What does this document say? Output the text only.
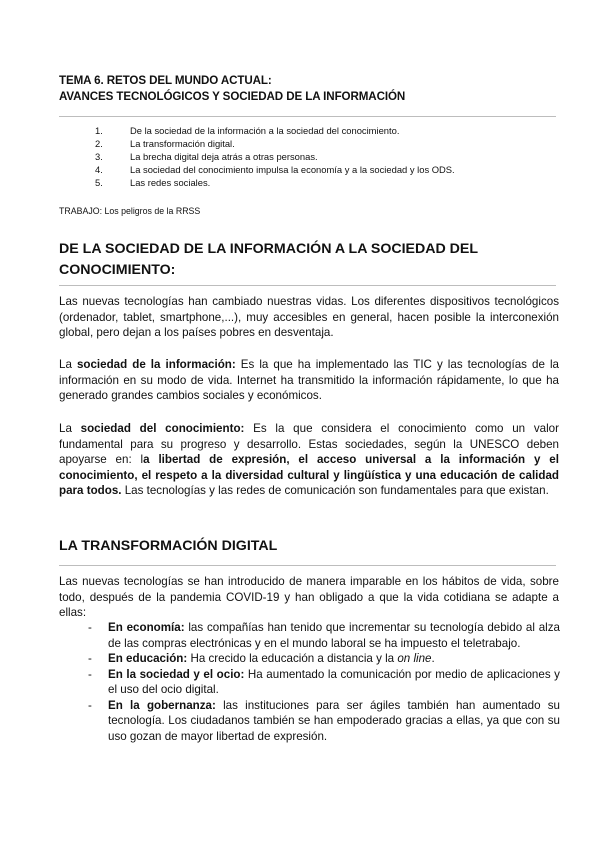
TEMA 6. RETOS DEL MUNDO ACTUAL:
AVANCES TECNOLÓGICOS Y SOCIEDAD DE LA INFORMACIÓN
1.	De la sociedad de la información a la sociedad del conocimiento.
2.	La transformación digital.
3.	La brecha digital deja atrás a otras personas.
4.	La sociedad del conocimiento impulsa la economía y a la sociedad y los ODS.
5.	Las redes sociales.
TRABAJO: Los peligros de la RRSS
DE LA SOCIEDAD DE LA INFORMACIÓN A LA SOCIEDAD DEL
CONOCIMIENTO:

Las nuevas tecnologías han cambiado nuestras vidas. Los diferentes dispositivos tecnológicos (ordenador, tablet, smartphone,...), muy accesibles en general, hacen posible la interconexión global, pero dejan a los países pobres en desventaja.

La sociedad de la información: Es la que ha implementado las TIC y las tecnologías de la información en su modo de vida. Internet ha transmitido la información rápidamente, lo que ha generado grandes cambios sociales y económicos.

La sociedad del conocimiento: Es la que considera el conocimiento como un valor fundamental para su progreso y desarrollo. Estas sociedades, según la UNESCO deben apoyarse en: la libertad de expresión, el acceso universal a la información y el conocimiento, el respeto a la diversidad cultural y lingüística y una educación de calidad para todos. Las tecnologías y las redes de comunicación son fundamentales para que existan.

LA TRANSFORMACIÓN DIGITAL

Las nuevas tecnologías se han introducido de manera imparable en los hábitos de vida, sobre todo, después de la pandemia COVID-19 y han obligado a que la vida cotidiana se adapte a ellas:

- En economía: las compañías han tenido que incrementar su tecnología debido al alza de las compras electrónicas y en el mundo laboral se ha impuesto el teletrabajo.
- En educación: Ha crecido la educación a distancia y la on line.
- En la sociedad y el ocio: Ha aumentado la comunicación por medio de aplicaciones y el uso del ocio digital.
- En la gobernanza: las instituciones para ser ágiles también han aumentado su tecnología. Los ciudadanos también se han empoderado gracias a ellas, ya que con su uso gozan de mayor libertad de expresión.
